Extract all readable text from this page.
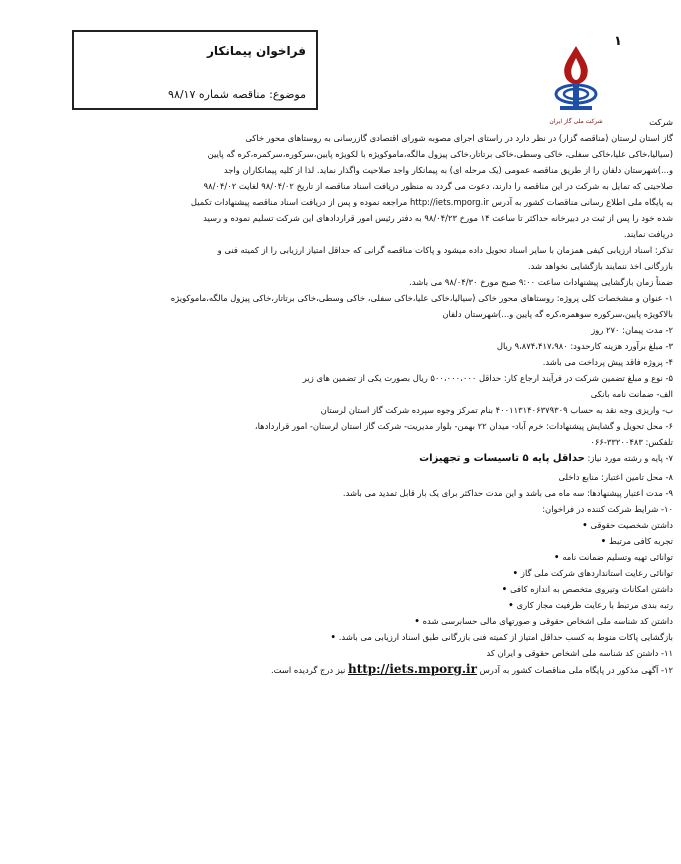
۱
فراخوان پیمانکار
موضوع: مناقصه شماره ۹۸/۱۷
شرکت ملی گاز ایران	شرکت
گاز استان لرستان (مناقصه گزار) در نظر دارد در راستای اجرای مصوبه شورای اقتصادی گازرسانی به روستاهای محور خاکی
(سیالیا،خاکی علیا،خاکی سفلی، خاکی وسطی،خاکی برتاتار،خاکی پیزول مالگه،ماموکویژه با لکویژه پایین،سرکوره،سرکمره،کره گه پایین
و...)شهرستان دلفان را از طریق مناقصه عمومی (یک مرحله ای) به پیمانکار واجد صلاحیت واگذار نماید. لذا از کلیه پیمانکاران واجد
صلاحیتی که تمایل به شرکت در این مناقصه را دارند، دعوت می گردد به منظور دریافت اسناد مناقصه از تاریخ ۹۸/۰۴/۰۲ لغایت ۹۸/۰۴/۰۲
به پایگاه ملی اطلاع رسانی مناقصات کشور به آدرس http://iets.mporg.ir مراجعه نموده و پس از دریافت اسناد مناقصه پیشنهادات تکمیل
شده خود را پس از ثبت در دبیرخانه حداکثر تا ساعت ۱۴ مورخ ۹۸/۰۴/۲۳ به دفتر رئیس امور قراردادهای این شرکت تسلیم نموده و رسید
دریافت نمایند.
تذکر: اسناد ارزیابی کیفی همزمان با سایر اسناد تحویل داده میشود و پاکات مناقصه گرانی که حداقل امتیاز ارزیابی را از کمیته فنی و
بازرگانی اخذ ننمایند بازگشایی نخواهد شد.
ضمناً زمان بازگشایی پیشنهادات ساعت ۹:۰۰ صبح مورخ ۹۸/۰۴/۳۰ می باشد.
۱- عنوان و مشخصات کلی پروژه: روستاهای محور خاکی (سیالیا،خاکی علیا،خاکی سفلی، خاکی وسطی،خاکی برتاتار،خاکی پیزول مالگه،ماموکویژه
بالاکویژه پایین،سرکوره سوهمره،کره گه پایین و...)شهرستان دلفان
۲- مدت پیمان: ۲۷۰ روز
۳- مبلغ برآورد هزینه کارحدود: ۹،۸۷۴،۴۱۷،۹۸۰ ریال
۴- پروژه فاقد پیش پرداخت می باشد.
۵- نوع و مبلغ تضمین شرکت در فرآیند ارجاع کار: حداقل ۵۰۰،۰۰۰،۰۰۰ ریال بصورت یکی از تضمین های زیر
الف- ضمانت نامه بانکی
ب- واریزی وجه نقد به حساب ۴۰۰۱۱۳۱۴۰۶۳۷۹۳۰۹ بنام تمرکز وجوه سپرده شرکت گاز استان لرستان
۶- محل تحویل و گشایش پیشنهادات: خرم آباد- میدان ۲۲ بهمن- بلوار مدیریت- شرکت گاز استان لرستان- امور قراردادها،
تلفکس: ۳۳۲۰۰۴۸۳-۰۶۶
۷- پایه و رشته مورد نیاز: حداقل پایه ۵ تاسیسات و تجهیزات
۸- محل تامین اعتبار: منابع داخلی
۹- مدت اعتبار پیشنهادها: سه ماه می باشد و این مدت حداکثر برای یک بار قابل تمدید می باشد.
۱۰- شرایط شرکت کننده در فراخوان:
داشتن شخصیت حقوقی •
تجربه کافی مرتبط •
توانائی تهیه وتسلیم ضمانت نامه •
توانائی رعایت استانداردهای شرکت ملی گاز •
داشتن امکانات وتیروی متخصص به اندازه کافی •
رتبه بندی مرتبط با رعایت ظرفیت مجاز کاری •
داشتن کد شناسه ملی اشخاص حقوقی و صورتهای مالی حسابرسی شده •
بازگشایی پاکات منوط به کسب حداقل امتیاز از کمیته فنی بازرگانی طبق اسناد ارزیابی می باشد. •
۱۱- داشتن کد شناسه ملی اشخاص حقوقی و ایران کد
۱۲- آگهی مذکور در پایگاه ملی مناقصات کشور به آدرس http://iets.mporg.ir نیز درج گردیده است.
